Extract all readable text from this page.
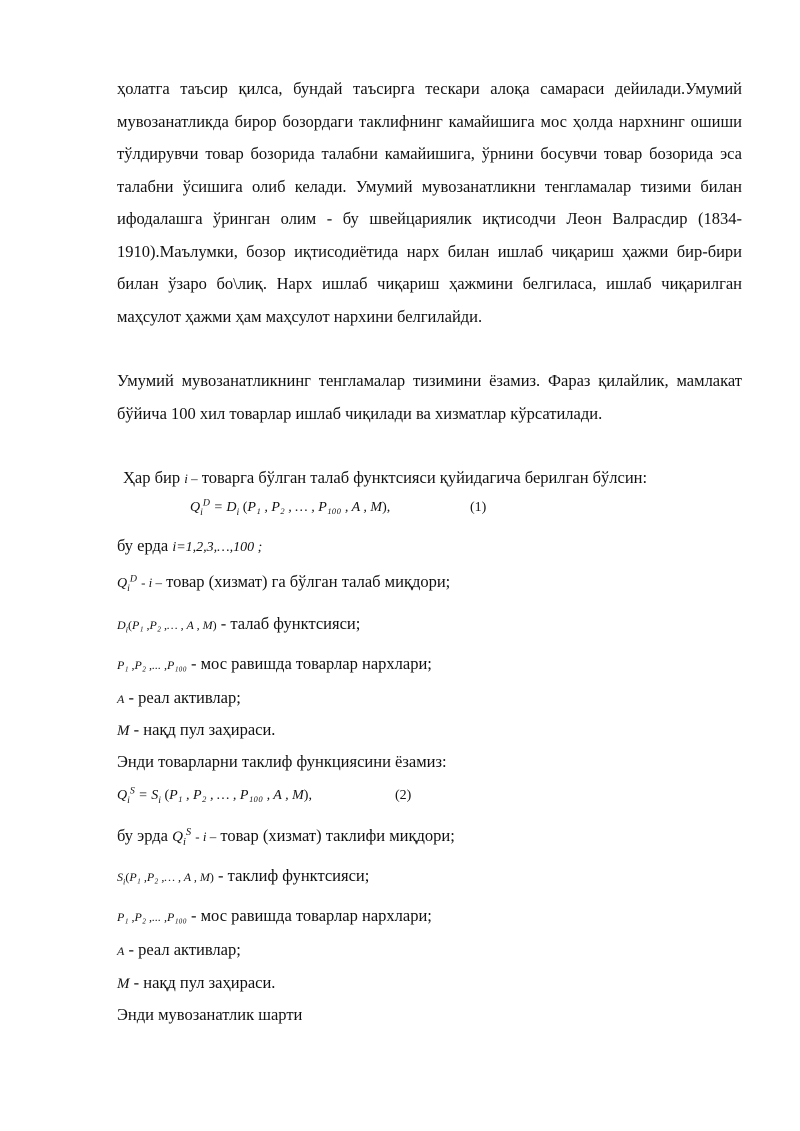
ҳолатга таъсир қилса, бундай таъсирга тескари алоқа самараси дейилади.Умумий мувозанатликда бирор бозордаги таклифнинг камайишига мос ҳолда нархнинг ошиши тўлдирувчи товар бозорида талабни камайишига, ўрнини босувчи товар бозорида эса талабни ўсишига олиб келади. Умумий мувозанатликни тенгламалар тизими билан ифодалашга ўринган олим - бу швейцариялик иқтисодчи Леон Валрасдир (1834-1910).Маълумки, бозор иқтисодиётида нарх билан ишлаб чиқариш ҳажми бир-бири билан ўзаро бо\лиқ. Нарх ишлаб чиқариш ҳажмини белгиласа, ишлаб чиқарилган маҳсулот ҳажми ҳам маҳсулот нархини белгилайди.

Умумий мувозанатликнинг тенгламалар тизимини ёзамиз. Фараз қилайлик, мамлакат бўйича 100 хил товарлар ишлаб чиқилади ва хизматлар кўрсатилади.

Ҳар бир i – товарга бўлган талаб функтсияси қуйидагича берилган бўлсин:
$Q_i^D = D_i$ (P₁ , P₂ , … , P₁₀₀ , A , M),	(1)
бу ерда i=1,2,3,…,100 ;
$Q_i^D$ - i – товар (хизмат) га бўлган талаб миқдори;
$D_i(P_1$ ,P₂ ,… , A , M) - талаб функтсияси;
P₁ ,P₂ ,... ,P₁₀₀ - мос равишда товарлар нархлари;
A - реал активлар;
M - нақд пул заҳираси.
Энди товарларни таклиф функциясини ёзамиз:
$Q_i^S = S_i$ (P₁ , P₂ , … , P₁₀₀ , A , M),	(2)
бу эрда $Q_i^S$ - i – товар (хизмат) таклифи миқдори;
$S_i(P_1$ ,P₂ ,… , A , M) - таклиф функтсияси;
P₁ ,P₂ ,... ,P₁₀₀ - мос равишда товарлар нархлари;
A - реал активлар;
M - нақд пул заҳираси.
Энди мувозанатлик шарти
